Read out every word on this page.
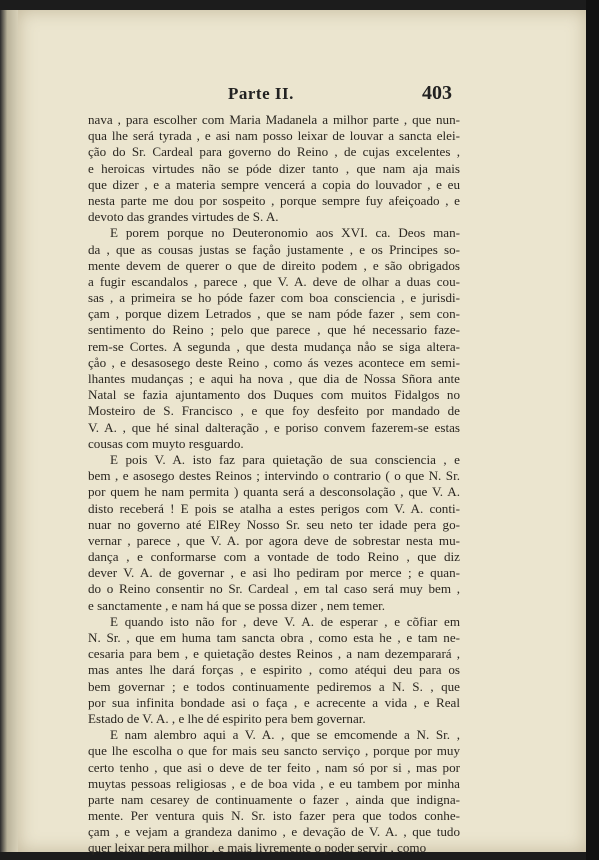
Parte II.	403
nava , para escolher com Maria Madanela a milhor parte , que nun-
qua lhe será tyrada , e asi nam posso leixar de louvar a sancta elei-
ção do Sr. Cardeal para governo do Reino , de cujas excelentes ,
e heroicas virtudes não se póde dizer tanto , que nam aja mais
que dizer , e a materia sempre vencerá a copia do louvador , e eu
nesta parte me dou por sospeito , porque sempre fuy afeiçoado , e
devoto das grandes virtudes de S. A.
E porem porque no Deuteronomio aos XVI. ca. Deos man-
da , que as cousas justas se façåo justamente , e os Principes so-
mente devem de querer o que de direito podem , e são obrigados
a fugir escandalos , parece , que V. A. deve de olhar a duas cou-
sas , a primeira se ho póde fazer com boa consciencia , e jurisdi-
çam , porque dizem Letrados , que se nam póde fazer , sem con-
sentimento do Reino ; pelo que parece , que hé necessario faze-
rem-se Cortes. A segunda , que desta mudança nåo se siga altera-
çåo , e desasosego deste Reino , como ás vezes acontece em semi-
lhantes mudanças ; e aqui ha nova , que dia de Nossa Sñora ante
Natal se fazia ajuntamento dos Duques com muitos Fidalgos no
Mosteiro de S. Francisco , e que foy desfeito por mandado de
V. A. , que hé sinal dalteração , e poriso convem fazerem-se estas
cousas com muyto resguardo.
E pois V. A. isto faz para quietação de sua consciencia , e
bem , e asosego destes Reinos ; intervindo o contrario ( o que N. Sr.
por quem he nam permita ) quanta será a desconsolação , que V. A.
disto receberá ! E pois se atalha a estes perigos com V. A. conti-
nuar no governo até ElRey Nosso Sr. seu neto ter idade pera go-
vernar , parece , que V. A. por agora deve de sobrestar nesta mu-
dança , e conformarse com a vontade de todo Reino , que diz
dever V. A. de governar , e asi lho pediram por merce ; e quan-
do o Reino consentir no Sr. Cardeal , em tal caso será muy bem ,
e sanctamente , e nam há que se possa dizer , nem temer.
E quando isto não for , deve V. A. de esperar , e cõfiar em
N. Sr. , que em huma tam sancta obra , como esta he , e tam ne-
cesaria para bem , e quietação destes Reinos , a nam dezemparará ,
mas antes lhe dará forças , e espirito , como atéqui deu para os
bem governar ; e todos continuamente pediremos a N. S. , que
por sua infinita bondade asi o faça , e acrecente a vida , e Real
Estado de V. A. , e lhe dé espirito pera bem governar.
E nam alembro aqui a V. A. , que se emcomende a N. Sr. ,
que lhe escolha o que for mais seu sancto serviço , porque por muy
certo tenho , que asi o deve de ter feito , nam só por si , mas por
muytas pessoas religiosas , e de boa vida , e eu tambem por minha
parte nam cesarey de continuamente o fazer , ainda que indigna-
mente. Per ventura quis N. Sr. isto fazer pera que todos conhe-
çam , e vejam a grandeza danimo , e devação de V. A. , que tudo
quer leixar pera milhor , e mais livremente o poder servir , como
